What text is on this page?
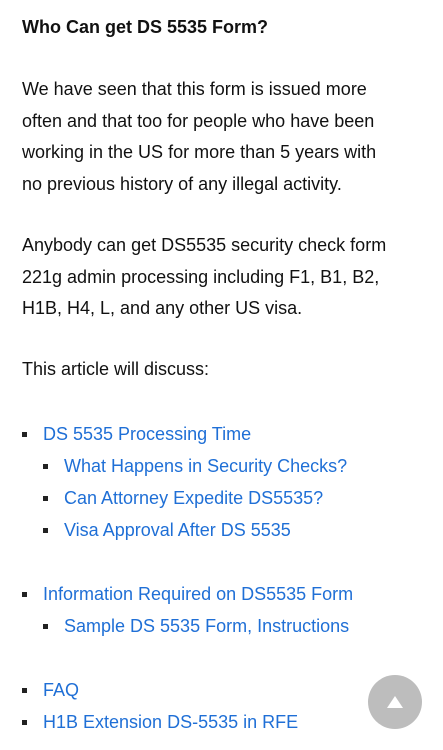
Who Can get DS 5535 Form?

We have seen that this form is issued more
often and that too for people who have been
working in the US for more than 5 years with
no previous history of any illegal activity.

Anybody can get DS5535 security check form
221g admin processing including F1, B1, B2,
H1B, H4, L, and any other US visa.

This article will discuss:

DS 5535 Processing Time
What Happens in Security Checks?
Can Attorney Expedite DS5535?
Visa Approval After DS 5535
Information Required on DS5535 Form
Sample DS 5535 Form, Instructions
FAQ
H1B Extension DS-5535 in RFE
